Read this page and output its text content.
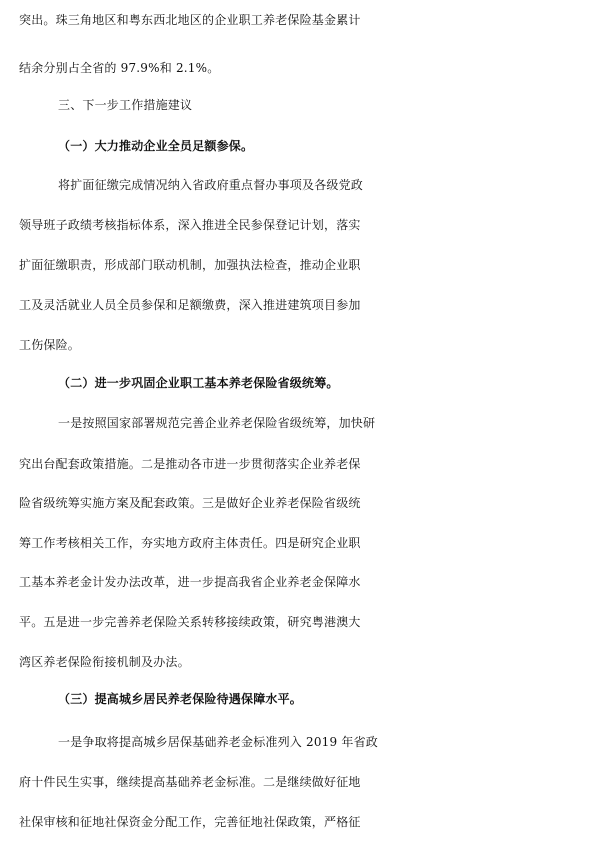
突出。珠三角地区和粤东西北地区的企业职工养老保险基金累计
结余分别占全省的 97.9%和 2.1%。
三、下一步工作措施建议
（一）大力推动企业全员足额参保。
将扩面征缴完成情况纳入省政府重点督办事项及各级党政
领导班子政绩考核指标体系，深入推进全民参保登记计划，落实
扩面征缴职责，形成部门联动机制，加强执法检查，推动企业职
工及灵活就业人员全员参保和足额缴费，深入推进建筑项目参加
工伤保险。
（二）进一步巩固企业职工基本养老保险省级统筹。
一是按照国家部署规范完善企业养老保险省级统筹，加快研
究出台配套政策措施。二是推动各市进一步贯彻落实企业养老保
险省级统筹实施方案及配套政策。三是做好企业养老保险省级统
筹工作考核相关工作，夯实地方政府主体责任。四是研究企业职
工基本养老金计发办法改革，进一步提高我省企业养老金保障水
平。五是进一步完善养老保险关系转移接续政策，研究粤港澳大
湾区养老保险衔接机制及办法。
（三）提高城乡居民养老保险待遇保障水平。
一是争取将提高城乡居保基础养老金标准列入 2019 年省政
府十件民生实事，继续提高基础养老金标准。二是继续做好征地
社保审核和征地社保资金分配工作，完善征地社保政策，严格征
